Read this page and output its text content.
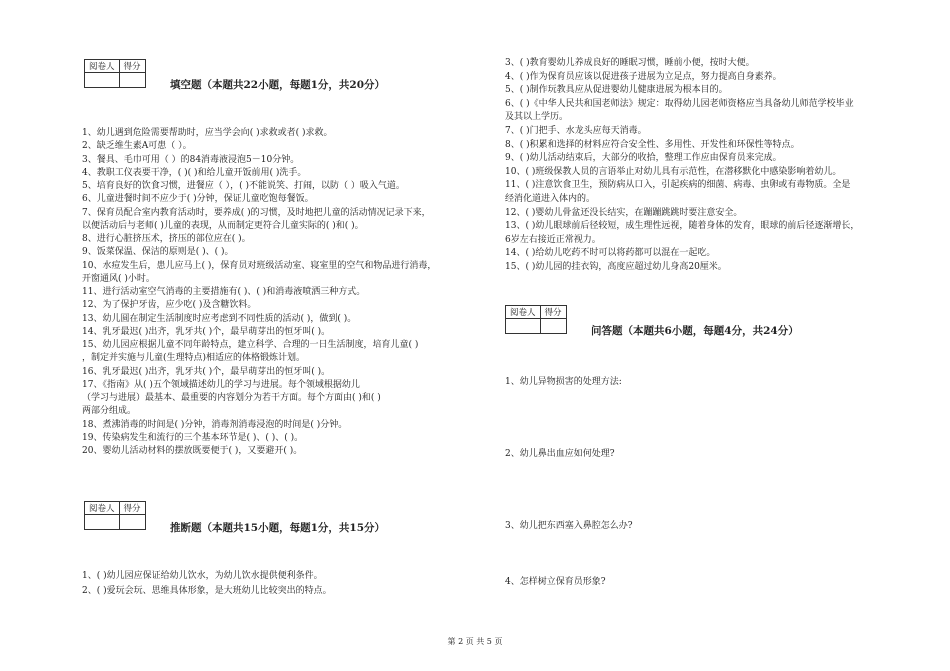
阅卷人	得分

填空题（本题共22小题，每题1分，共20分）
1、幼儿遇到危险需要帮助时，应当学会向( )求救或者( )求救。
2、缺乏维生素A可患（ ）。
3、餐具、毛巾可用（ ）的84消毒液浸泡5－10分钟。
4、教职工仪表要干净，( )( )和给儿童开饭前用( )洗手。
5、培育良好的饮食习惯，进餐应（ ），( )不能说笑、打闹，以防（ ）吸入气道。
6、儿童进餐时间不应少于( )分钟，保证儿童吃饱每餐饭。
7、保育员配合室内教育活动时，要养成( )的习惯，及时地把儿童的活动情况记录下来，
以便活动后与老师( )儿童的表现，从而制定更符合儿童实际的( )和( )。
8、进行心脏挤压术，挤压的部位应在( )。
9、饭菜保温、保洁的原则是( )、( )。
10、水痘发生后，患儿应马上( )，保育员对班级活动室、寝室里的空气和物品进行消毒，
开窗通风( )小时。
11、进行活动室空气消毒的主要措施有( )、( )和消毒液喷洒三种方式。
12、为了保护牙齿，应少吃( )及含糖饮料。
13、幼儿圆在制定生活制度时应考虑到不同性质的活动( )，做到( )。
14、乳牙最迟( )出齐，乳牙共( )个，最早萌芽出的恒牙叫( )。
15、幼儿园应根据儿童不同年龄特点，建立科学、合理的一日生活制度，培育儿童( )
，制定并实施与儿童(生理特点)相适应的体格锻炼计划。
16、乳牙最迟( )出齐，乳牙共( )个，最早萌芽出的恒牙叫( )。
17、《指南》从( )五个领域描述幼儿的学习与进展。每个领域根据幼儿
（学习与进展）最基本、最重要的内容划分为若干方面。每个方面由( )和( )
两部分组成。
18、煮沸消毒的时间是( )分钟，消毒剂消毒浸泡的时间是( )分钟。
19、传染病发生和流行的三个基本环节是( )、( )、( )。
20、婴幼儿活动材料的摆放既要便于( )，又要避开( )。
阅卷人	得分

推断题（本题共15小题，每题1分，共15分）
1、( )幼儿园应保证给幼儿饮水，为幼儿饮水提供便利条件。
2、( )爱玩会玩、思维具体形象，是大班幼儿比较突出的特点。
3、( )教育婴幼儿养成良好的睡眠习惯，睡前小便，按时大便。
4、( )作为保育员应该以促进孩子进展为立足点，努力提高自身素养。
5、( )制作玩教具应从促进婴幼儿健康进展为根本目的。
6、( )《中华人民共和国老师法》规定：取得幼儿园老师资格应当具备幼儿师范学校毕业
及其以上学历。
7、( )门把手、水龙头应每天消毒。
8、( )积累和选择的材料应符合安全性、多用性、开发性和环保性等特点。
9、( )幼儿活动结束后，大部分的收拾，整理工作应由保育员来完成。
10、( )班级保教人员的言语举止对幼儿具有示范性，在潜移默化中感染影响着幼儿。
11、( )注意饮食卫生，预防病从口入，引起疾病的细菌、病毒、虫卵或有毒物质。全是
经消化道进入体内的。
12、( )婴幼儿骨盆还没长结实，在蹦蹦跳跳时要注意安全。
13、( )幼儿眼球前后径较短，成生理性远视，随着身体的发育，眼球的前后径逐渐增长，
6岁左右接近正常视力。
14、( )给幼儿吃药不时可以将药都可以混在一起吃。
15、( )幼儿园的挂衣钩，高度应超过幼儿身高20厘米。
阅卷人	得分

问答题（本题共6小题，每题4分，共24分）
1、幼儿异物损害的处理方法:
2、幼儿鼻出血应如何处理?
3、幼儿把东西塞入鼻腔怎么办?
4、怎样树立保育员形象?
第 2 页 共 5 页
